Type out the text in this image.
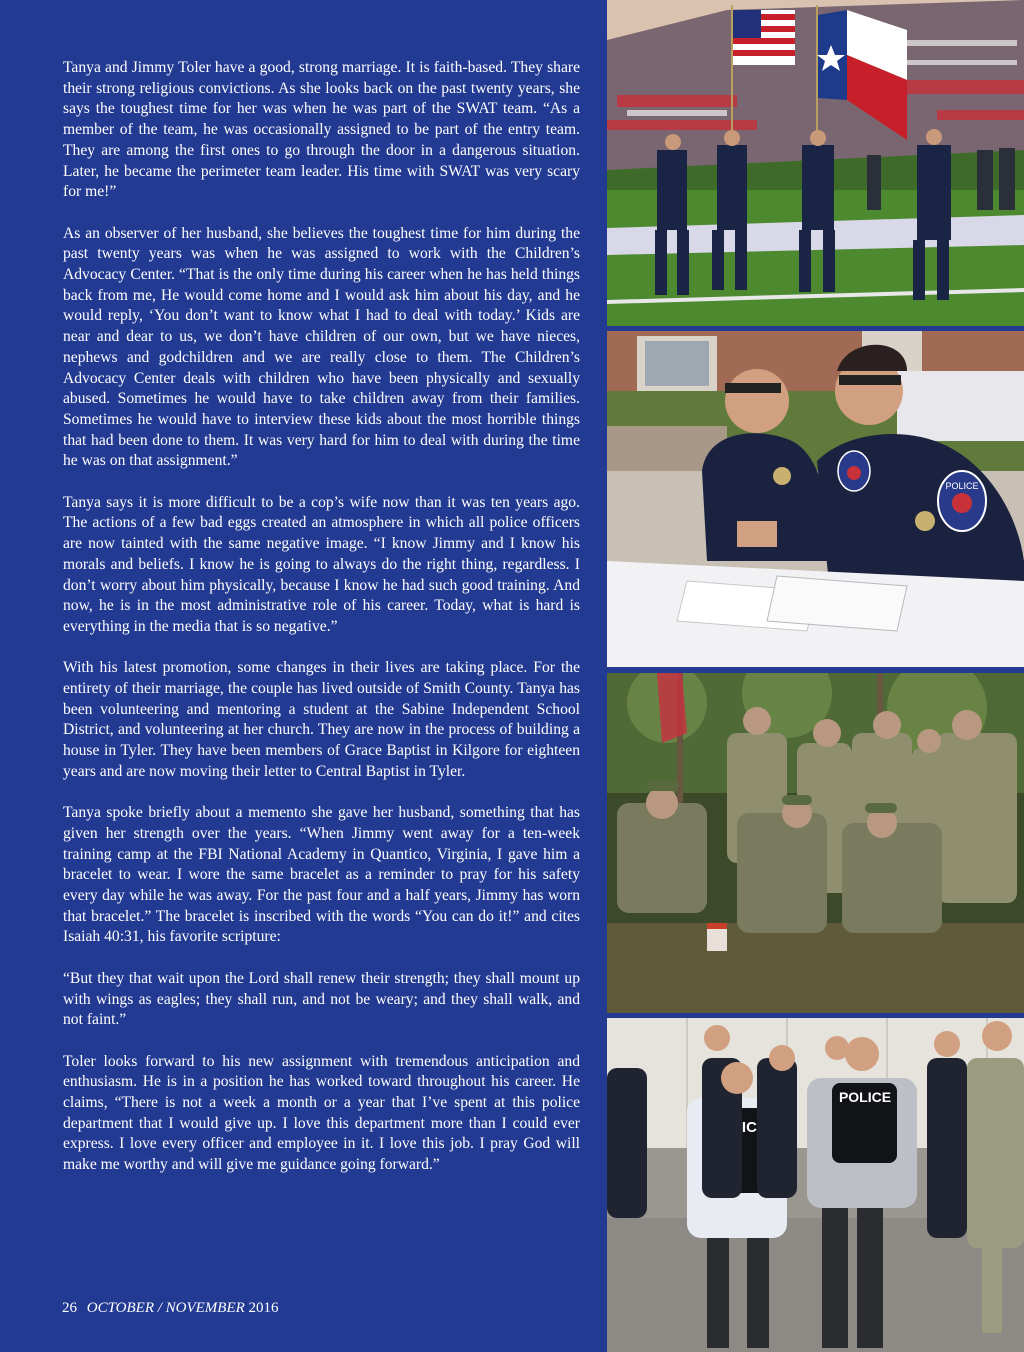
Tanya and Jimmy Toler have a good, strong marriage. It is faith-based. They share their strong religious convictions. As she looks back on the past twenty years, she says the toughest time for her was when he was part of the SWAT team. “As a member of the team, he was occasionally assigned to be part of the entry team. They are among the first ones to go through the door in a dangerous situation. Later, he became the perimeter team leader. His time with SWAT was very scary for me!”

As an observer of her husband, she believes the toughest time for him during the past twenty years was when he was assigned to work with the Children’s Advocacy Center. “That is the only time during his career when he has held things back from me, He would come home and I would ask him about his day, and he would reply, ‘You don’t want to know what I had to deal with today.’ Kids are near and dear to us, we don’t have children of our own, but we have nieces, nephews and godchildren and we are really close to them. The Children’s Advocacy Center deals with children who have been physically and sexually abused. Sometimes he would have to take children away from their families. Sometimes he would have to interview these kids about the most horrible things that had been done to them. It was very hard for him to deal with during the time he was on that assignment.”

Tanya says it is more difficult to be a cop’s wife now than it was ten years ago. The actions of a few bad eggs created an atmosphere in which all police officers are now tainted with the same negative image. “I know Jimmy and I know his morals and beliefs. I know he is going to always do the right thing, regardless. I don’t worry about him physically, because I know he had such good training. And now, he is in the most administrative role of his career. Today, what is hard is everything in the media that is so negative.”

With his latest promotion, some changes in their lives are taking place. For the entirety of their marriage, the couple has lived outside of Smith County. Tanya has been volunteering and mentoring a student at the Sabine Independent School District, and volunteering at her church. They are now in the process of building a house in Tyler. They have been members of Grace Baptist in Kilgore for eighteen years and are now moving their letter to Central Baptist in Tyler.

Tanya spoke briefly about a memento she gave her husband, something that has given her strength over the years. “When Jimmy went away for a ten-week training camp at the FBI National Academy in Quantico, Virginia, I gave him a bracelet to wear. I wore the same bracelet as a reminder to pray for his safety every day while he was away. For the past four and a half years, Jimmy has worn that bracelet.” The bracelet is inscribed with the words “You can do it!” and cites Isaiah 40:31, his favorite scripture:

“But they that wait upon the Lord shall renew their strength; they shall mount up with wings as eagles; they shall run, and not be weary; and they shall walk, and not faint.”

Toler looks forward to his new assignment with tremendous anticipation and enthusiasm. He is in a position he has worked toward throughout his career. He claims, “There is not a week a month or a year that I’ve spent at this police department that I would give up. I love this department more than I could ever express. I love every officer and employee in it. I love this job. I pray God will make me worthy and will give me guidance going forward.”

26 OCTOBER / NOVEMBER 2016
POLICE
POLICE
